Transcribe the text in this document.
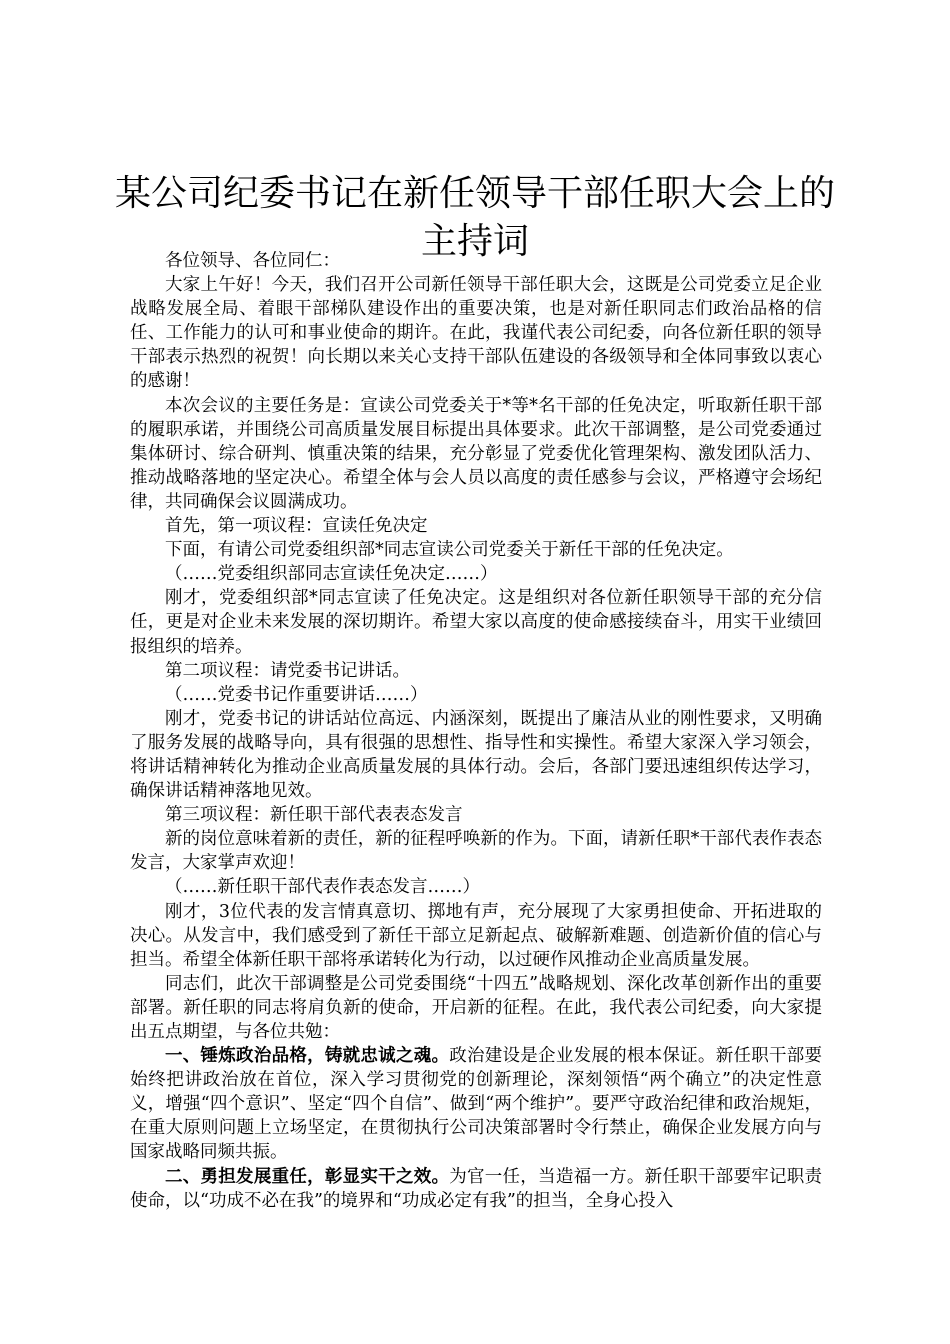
某公司纪委书记在新任领导干部任职大会上的主持词

各位领导、各位同仁：

大家上午好！今天，我们召开公司新任领导干部任职大会，这既是公司党委立足企业战略发展全局、着眼干部梯队建设作出的重要决策，也是对新任职同志们政治品格的信任、工作能力的认可和事业使命的期许。在此，我谨代表公司纪委，向各位新任职的领导干部表示热烈的祝贺！向长期以来关心支持干部队伍建设的各级领导和全体同事致以衷心的感谢！

本次会议的主要任务是：宣读公司党委关于*等*名干部的任免决定，听取新任职干部的履职承诺，并围绕公司高质量发展目标提出具体要求。此次干部调整，是公司党委通过集体研讨、综合研判、慎重决策的结果，充分彰显了党委优化管理架构、激发团队活力、推动战略落地的坚定决心。希望全体与会人员以高度的责任感参与会议，严格遵守会场纪律，共同确保会议圆满成功。

首先，第一项议程：宣读任免决定

下面，有请公司党委组织部*同志宣读公司党委关于新任干部的任免决定。

（……党委组织部同志宣读任免决定……）

刚才，党委组织部*同志宣读了任免决定。这是组织对各位新任职领导干部的充分信任，更是对企业未来发展的深切期许。希望大家以高度的使命感接续奋斗，用实干业绩回报组织的培养。

第二项议程：请党委书记讲话。

（……党委书记作重要讲话……）

刚才，党委书记的讲话站位高远、内涵深刻，既提出了廉洁从业的刚性要求，又明确了服务发展的战略导向，具有很强的思想性、指导性和实操性。希望大家深入学习领会，将讲话精神转化为推动企业高质量发展的具体行动。会后，各部门要迅速组织传达学习，确保讲话精神落地见效。

第三项议程：新任职干部代表表态发言

新的岗位意味着新的责任，新的征程呼唤新的作为。下面，请新任职*干部代表作表态发言，大家掌声欢迎！

（……新任职干部代表作表态发言……）

刚才，3位代表的发言情真意切、掷地有声，充分展现了大家勇担使命、开拓进取的决心。从发言中，我们感受到了新任干部立足新起点、破解新难题、创造新价值的信心与担当。希望全体新任职干部将承诺转化为行动，以过硬作风推动企业高质量发展。

同志们，此次干部调整是公司党委围绕“十四五”战略规划、深化改革创新作出的重要部署。新任职的同志将肩负新的使命，开启新的征程。在此，我代表公司纪委，向大家提出五点期望，与各位共勉：

一、锤炼政治品格，铸就忠诚之魂。政治建设是企业发展的根本保证。新任职干部要始终把讲政治放在首位，深入学习贯彻党的创新理论，深刻领悟“两个确立”的决定性意义，增强“四个意识”、坚定“四个自信”、做到“两个维护”。要严守政治纪律和政治规矩，在重大原则问题上立场坚定，在贯彻执行公司决策部署时令行禁止，确保企业发展方向与国家战略同频共振。

二、勇担发展重任，彰显实干之效。为官一任，当造福一方。新任职干部要牢记职责使命，以“功成不必在我”的境界和“功成必定有我”的担当，全身心投入
